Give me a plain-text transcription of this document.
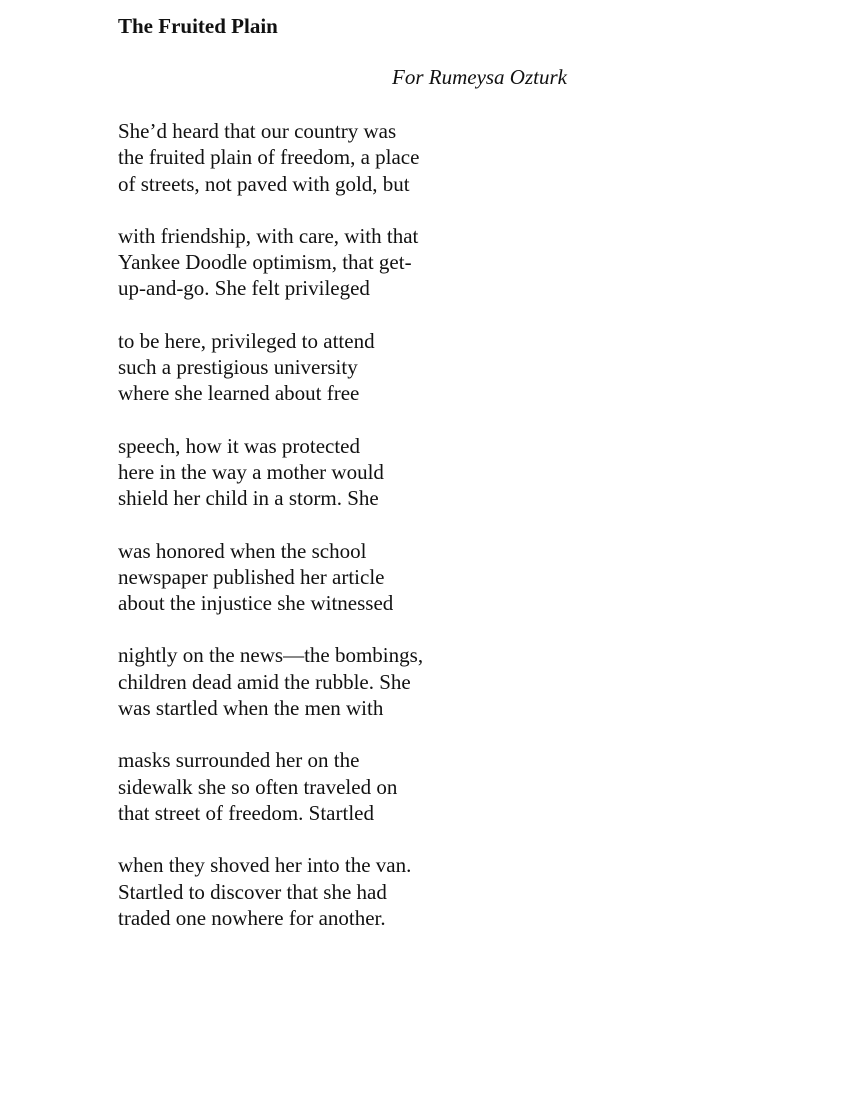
The Fruited Plain

For Rumeysa Ozturk

She’d heard that our country was
the fruited plain of freedom, a place
of streets, not paved with gold, but
with friendship, with care, with that
Yankee Doodle optimism, that get-
up-and-go. She felt privileged
to be here, privileged to attend
such a prestigious university
where she learned about free
speech, how it was protected
here in the way a mother would
shield her child in a storm. She
was honored when the school
newspaper published her article
about the injustice she witnessed
nightly on the news—the bombings,
children dead amid the rubble. She
was startled when the men with
masks surrounded her on the
sidewalk she so often traveled on
that street of freedom. Startled
when they shoved her into the van.
Startled to discover that she had
traded one nowhere for another.
